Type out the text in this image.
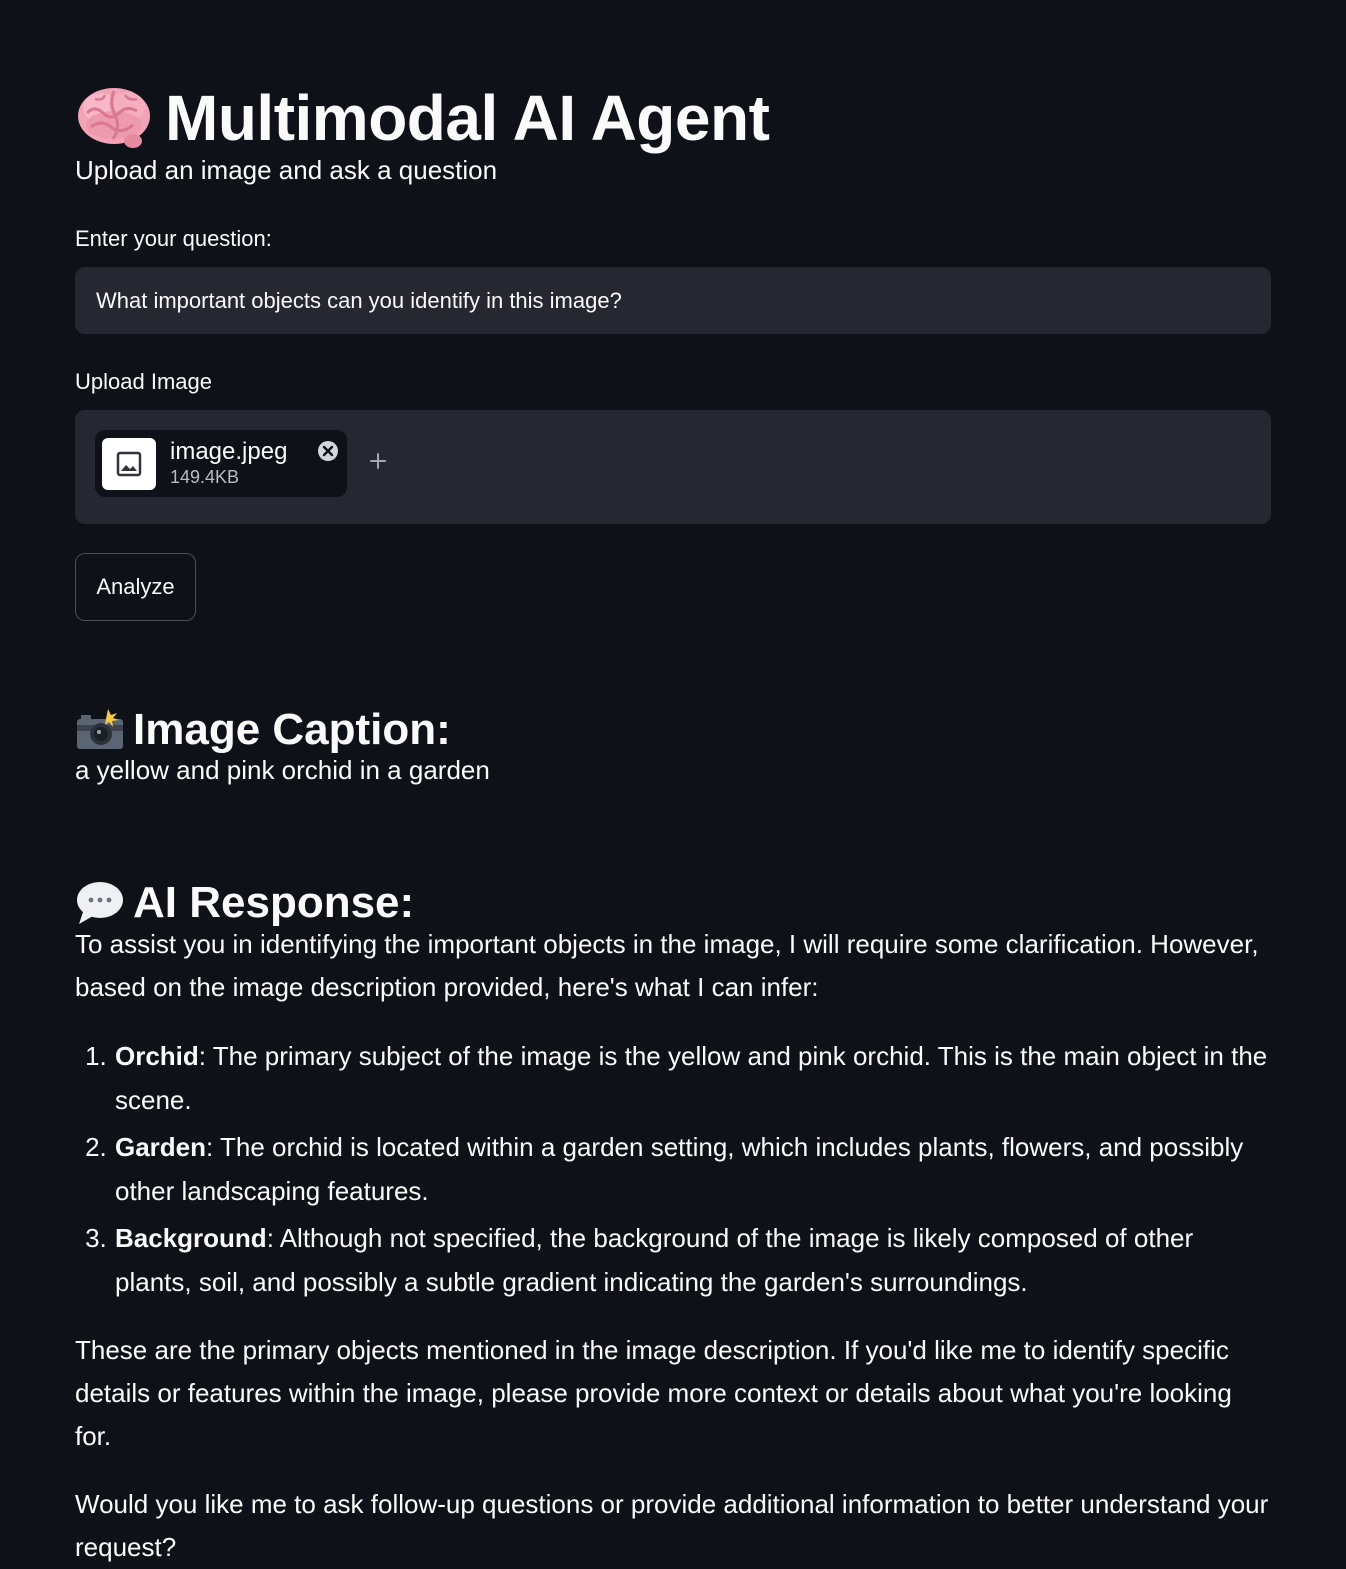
Multimodal AI Agent
Upload an image and ask a question
Enter your question:
What important objects can you identify in this image?
Upload Image
image.jpeg
149.4KB
Analyze
Image Caption:
a yellow and pink orchid in a garden
AI Response:

To assist you in identifying the important objects in the image, I will require some clarification. However, based on the image description provided, here's what I can infer:

1. Orchid: The primary subject of the image is the yellow and pink orchid. This is the main object in the scene.
2. Garden: The orchid is located within a garden setting, which includes plants, flowers, and possibly other landscaping features.
3. Background: Although not specified, the background of the image is likely composed of other plants, soil, and possibly a subtle gradient indicating the garden's surroundings.

These are the primary objects mentioned in the image description. If you'd like me to identify specific details or features within the image, please provide more context or details about what you're looking for.

Would you like me to ask follow-up questions or provide additional information to better understand your request?
